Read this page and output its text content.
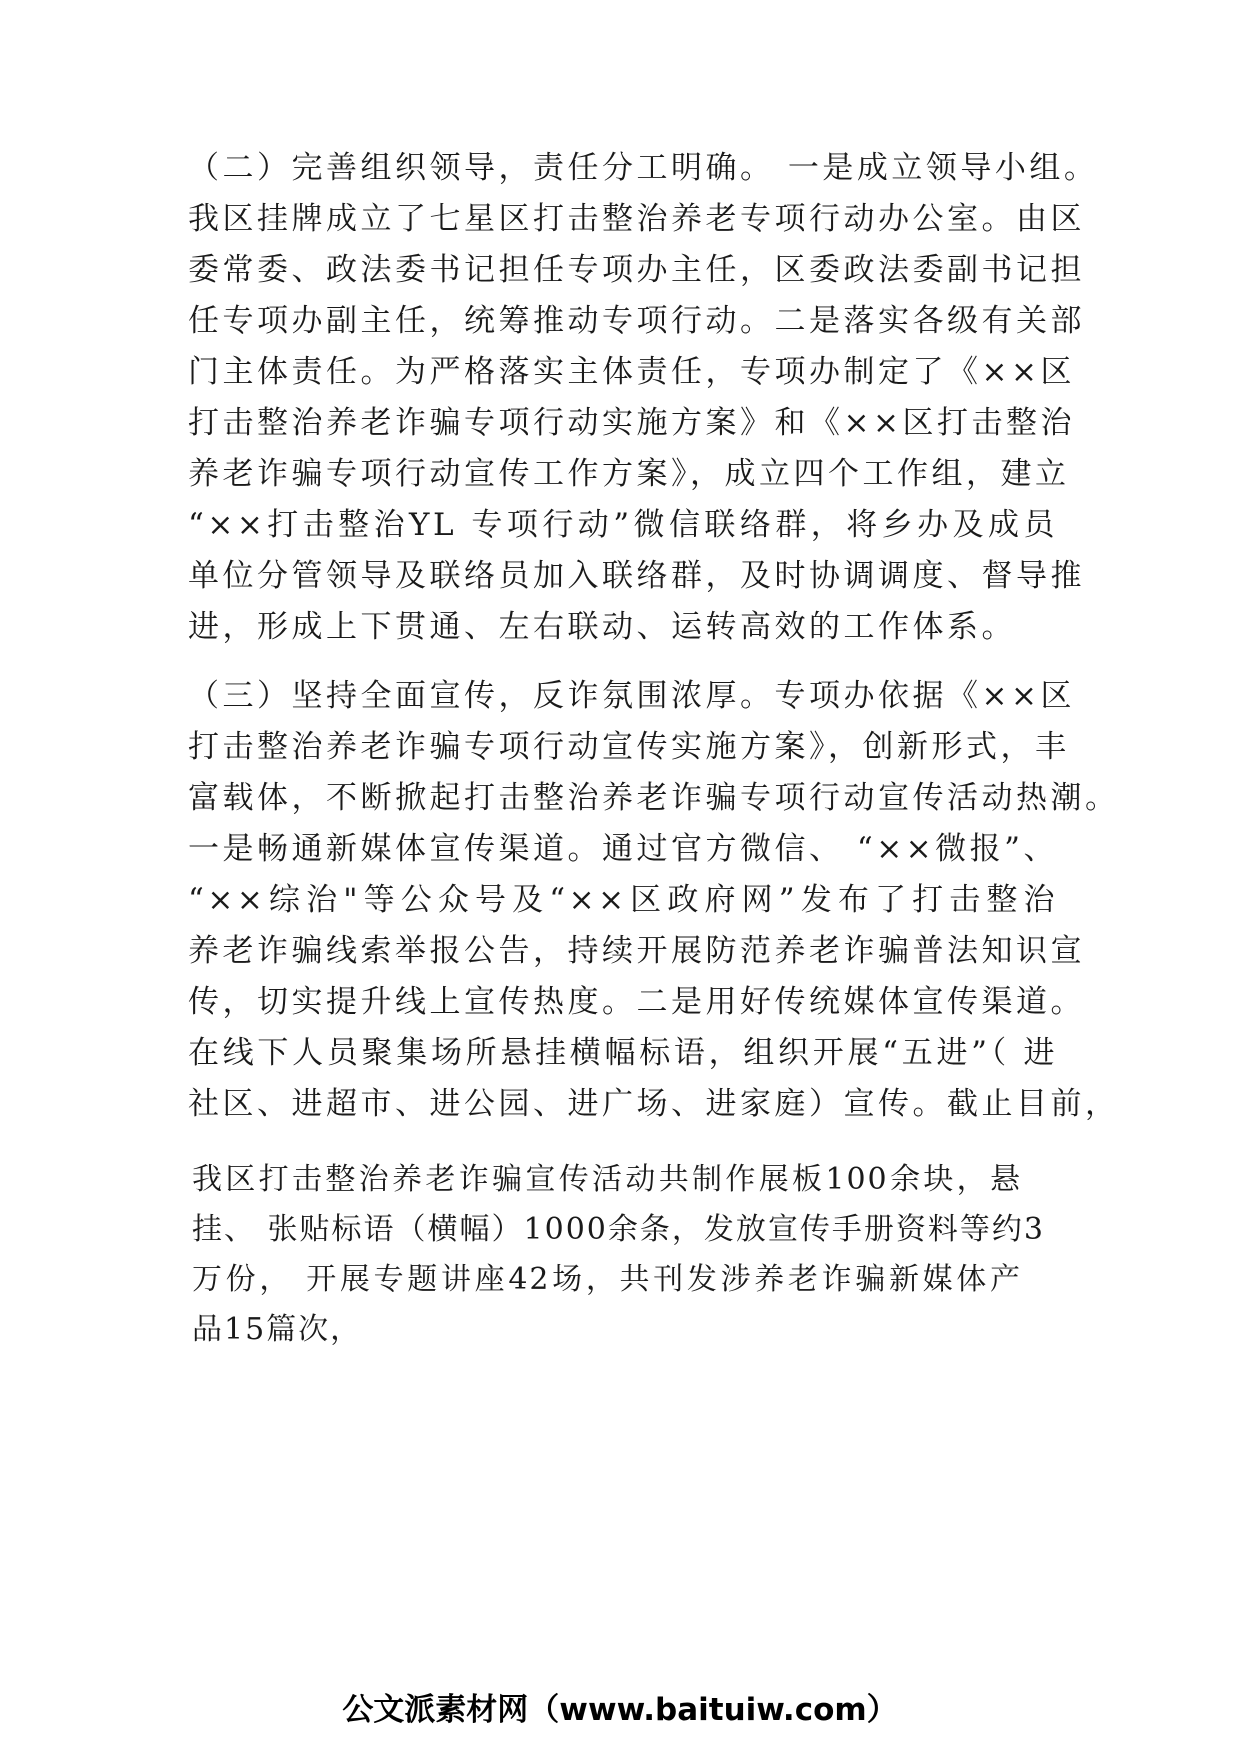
（二）完善组织领导，责任分工明确。 一是成立领导小组。
我区挂牌成立了七星区打击整治养老专项行动办公室。由区
委常委、政法委书记担任专项办主任，区委政法委副书记担
任专项办副主任，统筹推动专项行动。二是落实各级有关部
门主体责任。为严格落实主体责任，专项办制定了《××区
打击整治养老诈骗专项行动实施方案》和《××区打击整治
养老诈骗专项行动宣传工作方案》，成立四个工作组，建立
“××打击整治YL 专项行动”微信联络群，将乡办及成员
单位分管领导及联络员加入联络群，及时协调调度、督导推
进，形成上下贯通、左右联动、运转高效的工作体系。
（三）坚持全面宣传，反诈氛围浓厚。专项办依据《××区
打击整治养老诈骗专项行动宣传实施方案》，创新形式，丰
富载体，不断掀起打击整治养老诈骗专项行动宣传活动热潮。
一是畅通新媒体宣传渠道。通过官方微信、 “××微报”、
“××综治"等公众号及“××区政府网”发布了打击整治
养老诈骗线索举报公告，持续开展防范养老诈骗普法知识宣
传，切实提升线上宣传热度。二是用好传统媒体宣传渠道。
在线下人员聚集场所悬挂横幅标语，组织开展“五进”（ 进
社区、进超市、进公园、进广场、进家庭）宣传。截止目前，
我区打击整治养老诈骗宣传活动共制作展板100余块，悬
挂、 张贴标语（横幅）1000余条，发放宣传手册资料等约3
万份， 开展专题讲座42场，共刊发涉养老诈骗新媒体产
品15篇次，
公文派素材网（www.baituiw.com）
